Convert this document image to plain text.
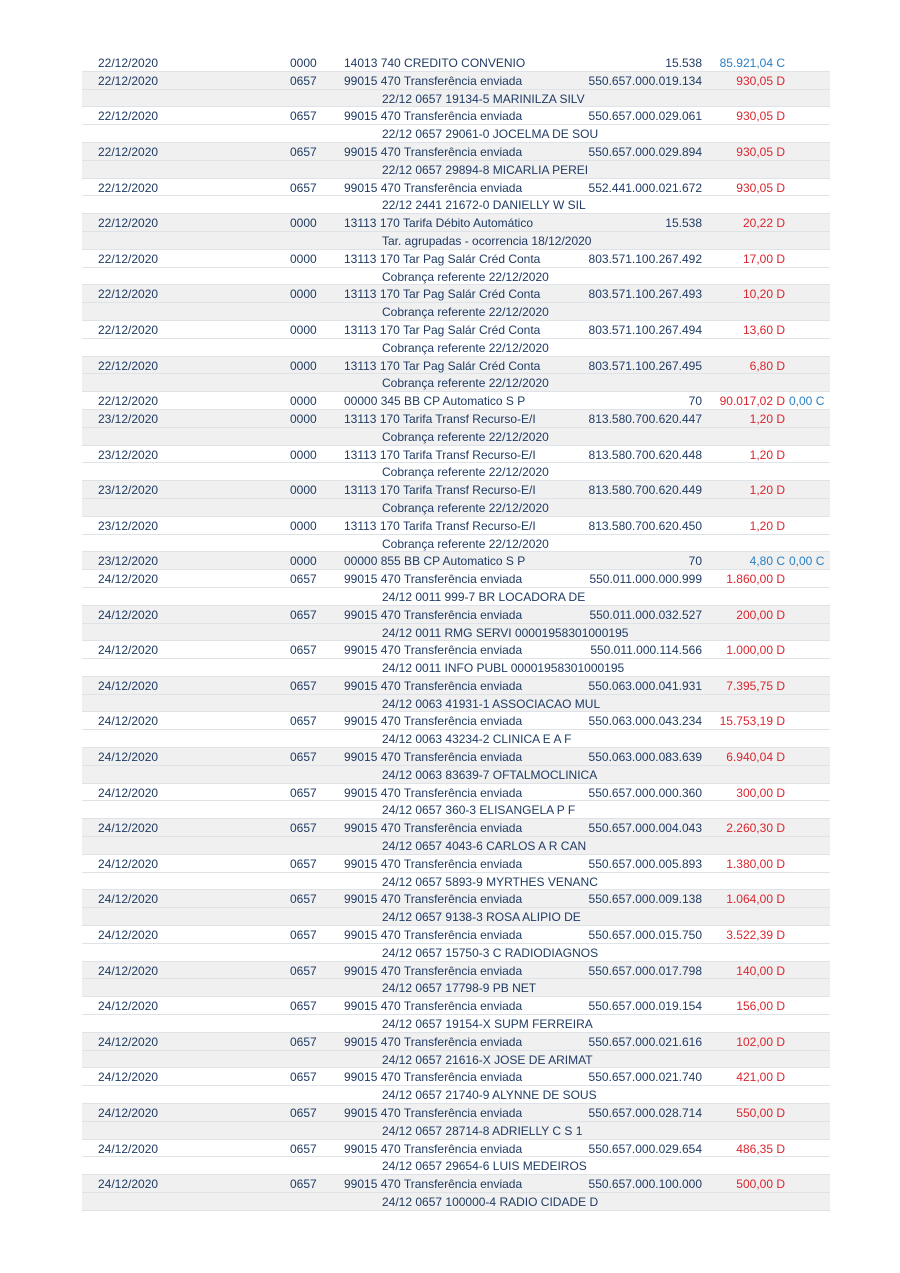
22/12/2020	0000 14013 740 CREDITO CONVENIO	15.538	85.921,04 C
22/12/2020	0657 99015 470 Transferência enviada	550.657.000.019.134	930,05 D
22/12 0657 19134-5 MARINILZA SILV
22/12/2020	0657 99015 470 Transferência enviada	550.657.000.029.061	930,05 D
22/12 0657 29061-0 JOCELMA DE SOU
22/12/2020	0657 99015 470 Transferência enviada	550.657.000.029.894	930,05 D
22/12 0657 29894-8 MICARLIA PEREI
22/12/2020	0657 99015 470 Transferência enviada	552.441.000.021.672	930,05 D
22/12 2441 21672-0 DANIELLY W SIL
22/12/2020	0000 13113 170 Tarifa Débito Automático	15.538	20,22 D
Tar. agrupadas - ocorrencia 18/12/2020
22/12/2020	0000 13113 170 Tar Pag Salár Créd Conta	803.571.100.267.492	17,00 D
Cobrança referente 22/12/2020
22/12/2020	0000 13113 170 Tar Pag Salár Créd Conta	803.571.100.267.493	10,20 D
Cobrança referente 22/12/2020
22/12/2020	0000 13113 170 Tar Pag Salár Créd Conta	803.571.100.267.494	13,60 D
Cobrança referente 22/12/2020
22/12/2020	0000 13113 170 Tar Pag Salár Créd Conta	803.571.100.267.495	6,80 D
Cobrança referente 22/12/2020
22/12/2020	0000 00000 345 BB CP Automatico S P	70	90.017,02 D 0,00 C
23/12/2020	0000 13113 170 Tarifa Transf Recurso-E/I	813.580.700.620.447	1,20 D
Cobrança referente 22/12/2020
23/12/2020	0000 13113 170 Tarifa Transf Recurso-E/I	813.580.700.620.448	1,20 D
Cobrança referente 22/12/2020
23/12/2020	0000 13113 170 Tarifa Transf Recurso-E/I	813.580.700.620.449	1,20 D
Cobrança referente 22/12/2020
23/12/2020	0000 13113 170 Tarifa Transf Recurso-E/I	813.580.700.620.450	1,20 D
Cobrança referente 22/12/2020
23/12/2020	0000 00000 855 BB CP Automatico S P	70	4,80 C 0,00 C
24/12/2020	0657 99015 470 Transferência enviada	550.011.000.000.999	1.860,00 D
24/12 0011 999-7 BR LOCADORA DE
24/12/2020	0657 99015 470 Transferência enviada	550.011.000.032.527	200,00 D
24/12 0011 RMG SERVI 00001958301000195
24/12/2020	0657 99015 470 Transferência enviada	550.011.000.114.566	1.000,00 D
24/12 0011 INFO PUBL 00001958301000195
24/12/2020	0657 99015 470 Transferência enviada	550.063.000.041.931	7.395,75 D
24/12 0063 41931-1 ASSOCIACAO MUL
24/12/2020	0657 99015 470 Transferência enviada	550.063.000.043.234	15.753,19 D
24/12 0063 43234-2 CLINICA E A F
24/12/2020	0657 99015 470 Transferência enviada	550.063.000.083.639	6.940,04 D
24/12 0063 83639-7 OFTALMOCLINICA
24/12/2020	0657 99015 470 Transferência enviada	550.657.000.000.360	300,00 D
24/12 0657 360-3 ELISANGELA P F
24/12/2020	0657 99015 470 Transferência enviada	550.657.000.004.043	2.260,30 D
24/12 0657 4043-6 CARLOS A R CAN
24/12/2020	0657 99015 470 Transferência enviada	550.657.000.005.893	1.380,00 D
24/12 0657 5893-9 MYRTHES VENANC
24/12/2020	0657 99015 470 Transferência enviada	550.657.000.009.138	1.064,00 D
24/12 0657 9138-3 ROSA ALIPIO DE
24/12/2020	0657 99015 470 Transferência enviada	550.657.000.015.750	3.522,39 D
24/12 0657 15750-3 C RADIODIAGNOS
24/12/2020	0657 99015 470 Transferência enviada	550.657.000.017.798	140,00 D
24/12 0657 17798-9 PB NET
24/12/2020	0657 99015 470 Transferência enviada	550.657.000.019.154	156,00 D
24/12 0657 19154-X SUPM FERREIRA
24/12/2020	0657 99015 470 Transferência enviada	550.657.000.021.616	102,00 D
24/12 0657 21616-X JOSE DE ARIMAT
24/12/2020	0657 99015 470 Transferência enviada	550.657.000.021.740	421,00 D
24/12 0657 21740-9 ALYNNE DE SOUS
24/12/2020	0657 99015 470 Transferência enviada	550.657.000.028.714	550,00 D
24/12 0657 28714-8 ADRIELLY C S 1
24/12/2020	0657 99015 470 Transferência enviada	550.657.000.029.654	486,35 D
24/12 0657 29654-6 LUIS MEDEIROS
24/12/2020	0657 99015 470 Transferência enviada	550.657.000.100.000	500,00 D
24/12 0657 100000-4 RADIO CIDADE D
